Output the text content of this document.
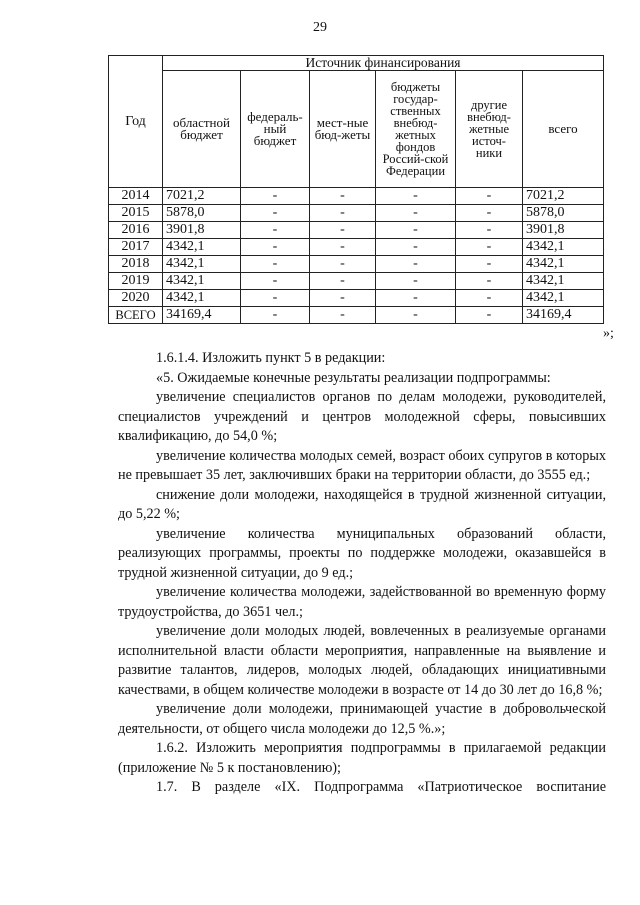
29
Год	Источник финансирования					
	областной бюджет	федераль-ный бюджет	мест-ные бюд-жеты	бюджеты государ-ственных внебюд-жетных фондов Россий-ской Федерации	другие внебюд-жетные источ-ники	всего
2014	7021,2	-	-	-	-	7021,2
2015	5878,0	-	-	-	-	5878,0
2016	3901,8	-	-	-	-	3901,8
2017	4342,1	-	-	-	-	4342,1
2018	4342,1	-	-	-	-	4342,1
2019	4342,1	-	-	-	-	4342,1
2020	4342,1	-	-	-	-	4342,1
ВСЕГО	34169,4	-	-	-	-	34169,4
»;

1.6.1.4. Изложить пункт 5 в редакции:

«5. Ожидаемые конечные результаты реализации подпрограммы:

увеличение специалистов органов по делам молодежи, руководителей, специалистов учреждений и центров молодежной сферы, повысивших квалификацию, до 54,0 %;

увеличение количества молодых семей, возраст обоих супругов в которых не превышает 35 лет, заключивших браки на территории области, до 3555 ед.;

снижение доли молодежи, находящейся в трудной жизненной ситуации, до 5,22 %;

увеличение количества муниципальных образований области, реализующих программы, проекты по поддержке молодежи, оказавшейся в трудной жизненной ситуации, до 9 ед.;

увеличение количества молодежи, задействованной во временную форму трудоустройства, до 3651 чел.;

увеличение доли молодых людей, вовлеченных в реализуемые органами исполнительной власти области мероприятия, направленные на выявление и развитие талантов, лидеров, молодых людей, обладающих инициативными качествами, в общем количестве молодежи в возрасте от 14 до 30 лет до 16,8 %;

увеличение доли молодежи, принимающей участие в добровольческой деятельности, от общего числа молодежи до 12,5 %.»;

1.6.2. Изложить мероприятия подпрограммы в прилагаемой редакции (приложение № 5 к постановлению);

1.7. В разделе «IX. Подпрограмма «Патриотическое воспитание
